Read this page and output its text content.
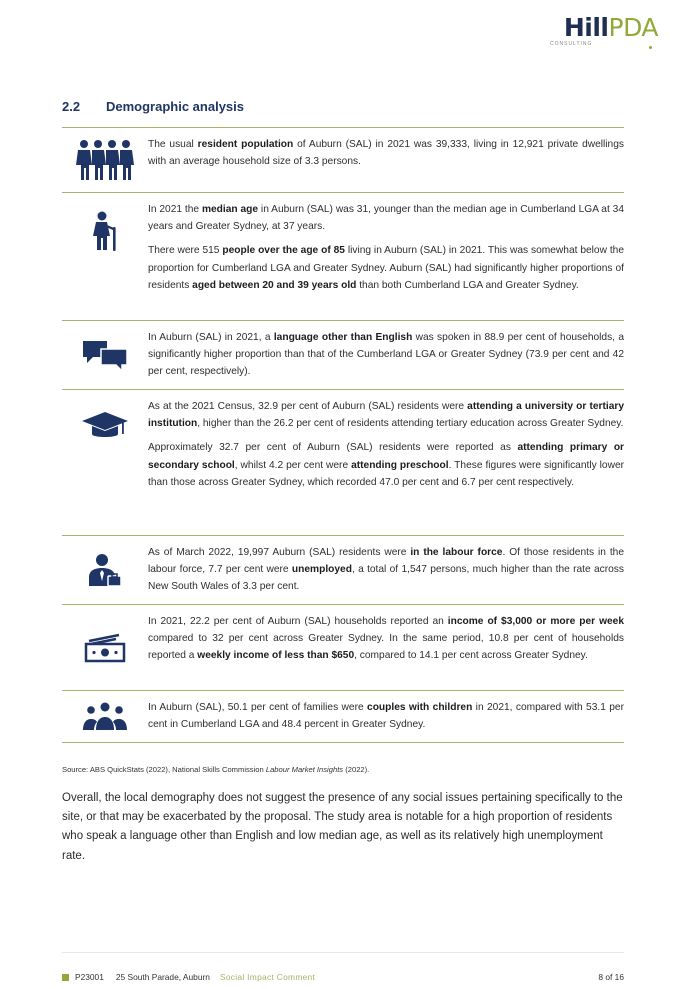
HillPDA
CONSULTING
2.2 Demographic analysis

The usual resident population of Auburn (SAL) in 2021 was 39,333, living in 12,921 private dwellings with an average household size of 3.3 persons.

In 2021 the median age in Auburn (SAL) was 31, younger than the median age in Cumberland LGA at 34 years and Greater Sydney, at 37 years.

There were 515 people over the age of 85 living in Auburn (SAL) in 2021. This was somewhat below the proportion for Cumberland LGA and Greater Sydney. Auburn (SAL) had significantly higher proportions of residents aged between 20 and 39 years old than both Cumberland LGA and Greater Sydney.

In Auburn (SAL) in 2021, a language other than English was spoken in 88.9 per cent of households, a significantly higher proportion than that of the Cumberland LGA or Greater Sydney (73.9 per cent and 42 per cent, respectively).

As at the 2021 Census, 32.9 per cent of Auburn (SAL) residents were attending a university or tertiary institution, higher than the 26.2 per cent of residents attending tertiary education across Greater Sydney.

Approximately 32.7 per cent of Auburn (SAL) residents were reported as attending primary or secondary school, whilst 4.2 per cent were attending preschool. These figures were significantly lower than those across Greater Sydney, which recorded 47.0 per cent and 6.7 per cent respectively.

As of March 2022, 19,997 Auburn (SAL) residents were in the labour force. Of those residents in the labour force, 7.7 per cent were unemployed, a total of 1,547 persons, much higher than the rate across New South Wales of 3.3 per cent.

In 2021, 22.2 per cent of Auburn (SAL) households reported an income of $3,000 or more per week compared to 32 per cent across Greater Sydney. In the same period, 10.8 per cent of households reported a weekly income of less than $650, compared to 14.1 per cent across Greater Sydney.

In Auburn (SAL), 50.1 per cent of families were couples with children in 2021, compared with 53.1 per cent in Cumberland LGA and 48.4 percent in Greater Sydney.

Source: ABS QuickStats (2022), National Skills Commission Labour Market Insights (2022).

Overall, the local demography does not suggest the presence of any social issues pertaining specifically to the site, or that may be exacerbated by the proposal. The study area is notable for a high proportion of residents who speak a language other than English and low median age, as well as its relatively high unemployment rate.

P23001 25 South Parade, Auburn Social Impact Comment	8 of 16
